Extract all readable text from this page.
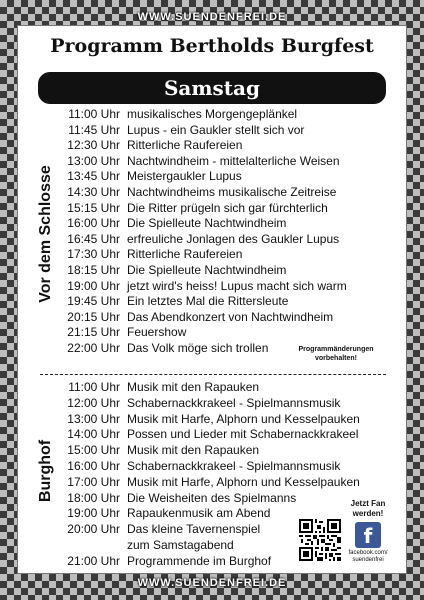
WWW.SUENDENFREI.DE
Programm Bertholds Burgfest
Samstag
Vor dem Schlosse
Burghof
11:00 Uhr musikalisches Morgengeplänkel
11:45 Uhr Lupus - ein Gaukler stellt sich vor
12:30 Uhr Ritterliche Raufereien
13:00 Uhr Nachtwindheim - mittelalterliche Weisen
13:45 Uhr Meistergaukler Lupus
14:30 Uhr Nachtwindheims musikalische Zeitreise
15:15 Uhr Die Ritter prügeln sich gar fürchterlich
16:00 Uhr Die Spielleute Nachtwindheim
16:45 Uhr erfreuliche Jonlagen des Gaukler Lupus
17:30 Uhr Ritterliche Raufereien
18:15 Uhr Die Spielleute Nachtwindheim
19:00 Uhr jetzt wird's heiss! Lupus macht sich warm
19:45 Uhr Ein letztes Mal die Rittersleute
20:15 Uhr Das Abendkonzert von Nachtwindheim
21:15 Uhr Feuershow
22:00 Uhr Das Volk möge sich trollen
11:00 Uhr Musik mit den Rapauken
12:00 Uhr Schabernackkrakeel - Spielmannsmusik
13:00 Uhr Musik mit Harfe, Alphorn und Kesselpauken
14:00 Uhr Possen und Lieder mit Schabernackkrakeel
15:00 Uhr Musik mit den Rapauken
16:00 Uhr Schabernackkrakeel - Spielmannsmusik
17:00 Uhr Musik mit Harfe, Alphorn und Kesselpauken
18:00 Uhr Die Weisheiten des Spielmanns
19:00 Uhr Rapaukenmusik am Abend
20:00 Uhr Das kleine Tavernenspiel
zum Samstagabend
21:00 Uhr Programmende im Burghof
Programmänderungen
vorbehalten!
Jetzt Fan
werden!
f
facebook.com/
suendenfrei
WWW.SUENDENFREI.DE
